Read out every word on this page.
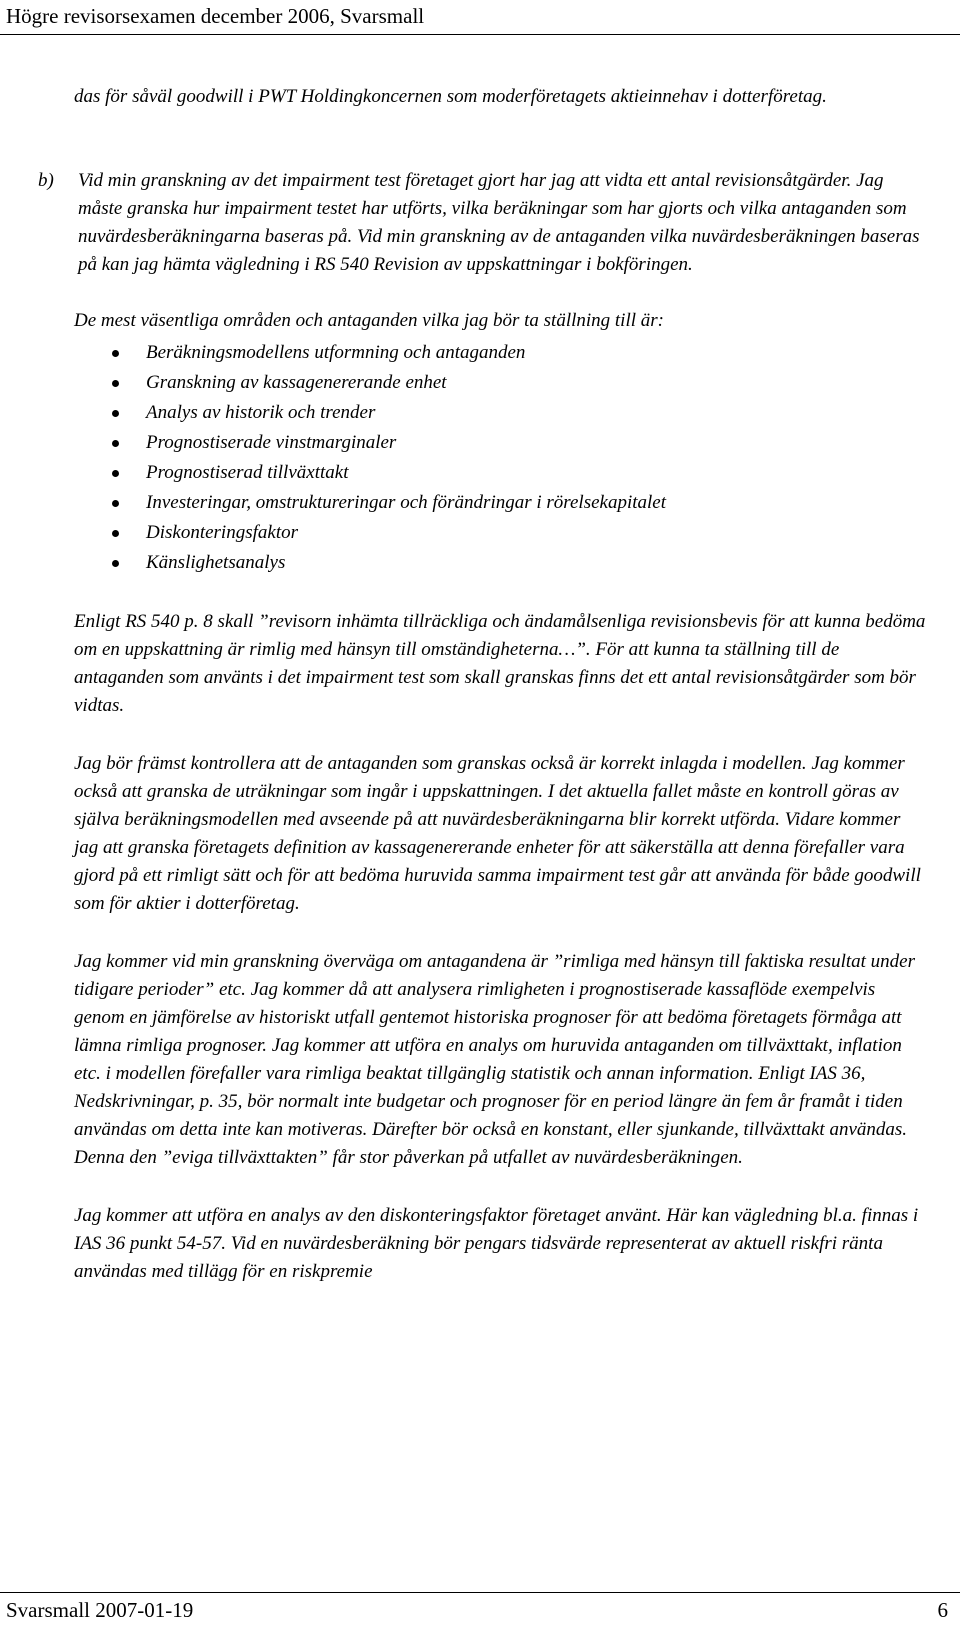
Högre revisorsexamen december 2006, Svarsmall

das för såväl goodwill i PWT Holdingkoncernen som moderföretagets aktieinnehav i dotterföretag.

b)	Vid min granskning av det impairment test företaget gjort har jag att vidta ett antal revisionsåtgärder. Jag måste granska hur impairment testet har utförts, vilka beräkningar som har gjorts och vilka antaganden som nuvärdesberäkningarna baseras på. Vid min granskning av de antaganden vilka nuvärdesberäkningen baseras på kan jag hämta vägledning i RS 540 Revision av uppskattningar i bokföringen.

De mest väsentliga områden och antaganden vilka jag bör ta ställning till är:

Beräkningsmodellens utformning och antaganden
Granskning av kassagenererande enhet
Analys av historik och trender
Prognostiserade vinstmarginaler
Prognostiserad tillväxttakt
Investeringar, omstruktureringar och förändringar i rörelsekapitalet
Diskonteringsfaktor
Känslighetsanalys

Enligt RS 540 p. 8 skall ”revisorn inhämta tillräckliga och ändamålsenliga revisionsbevis för att kunna bedöma om en uppskattning är rimlig med hänsyn till omständigheterna…”. För att kunna ta ställning till de antaganden som använts i det impairment test som skall granskas finns det ett antal revisionsåtgärder som bör vidtas.

Jag bör främst kontrollera att de antaganden som granskas också är korrekt inlagda i modellen. Jag kommer också att granska de uträkningar som ingår i uppskattningen. I det aktuella fallet måste en kontroll göras av själva beräkningsmodellen med avseende på att nuvärdesberäkningarna blir korrekt utförda. Vidare kommer jag att granska företagets definition av kassagenererande enheter för att säkerställa att denna förefaller vara gjord på ett rimligt sätt och för att bedöma huruvida samma impairment test går att använda för både goodwill som för aktier i dotterföretag.

Jag kommer vid min granskning överväga om antagandena är ”rimliga med hänsyn till faktiska resultat under tidigare perioder” etc. Jag kommer då att analysera rimligheten i prognostiserade kassaflöde exempelvis genom en jämförelse av historiskt utfall gentemot historiska prognoser för att bedöma företagets förmåga att lämna rimliga prognoser. Jag kommer att utföra en analys om huruvida antaganden om tillväxttakt, inflation etc. i modellen förefaller vara rimliga beaktat tillgänglig statistik och annan information. Enligt IAS 36, Nedskrivningar, p. 35, bör normalt inte budgetar och prognoser för en period längre än fem år framåt i tiden användas om detta inte kan motiveras. Därefter bör också en konstant, eller sjunkande, tillväxttakt användas. Denna den ”eviga tillväxttakten” får stor påverkan på utfallet av nuvärdesberäkningen.

Jag kommer att utföra en analys av den diskonteringsfaktor företaget använt. Här kan vägledning bl.a. finnas i IAS 36 punkt 54-57. Vid en nuvärdesberäkning bör pengars tidsvärde representerat av aktuell riskfri ränta användas med tillägg för en riskpremie

Svarsmall 2007-01-19	6
